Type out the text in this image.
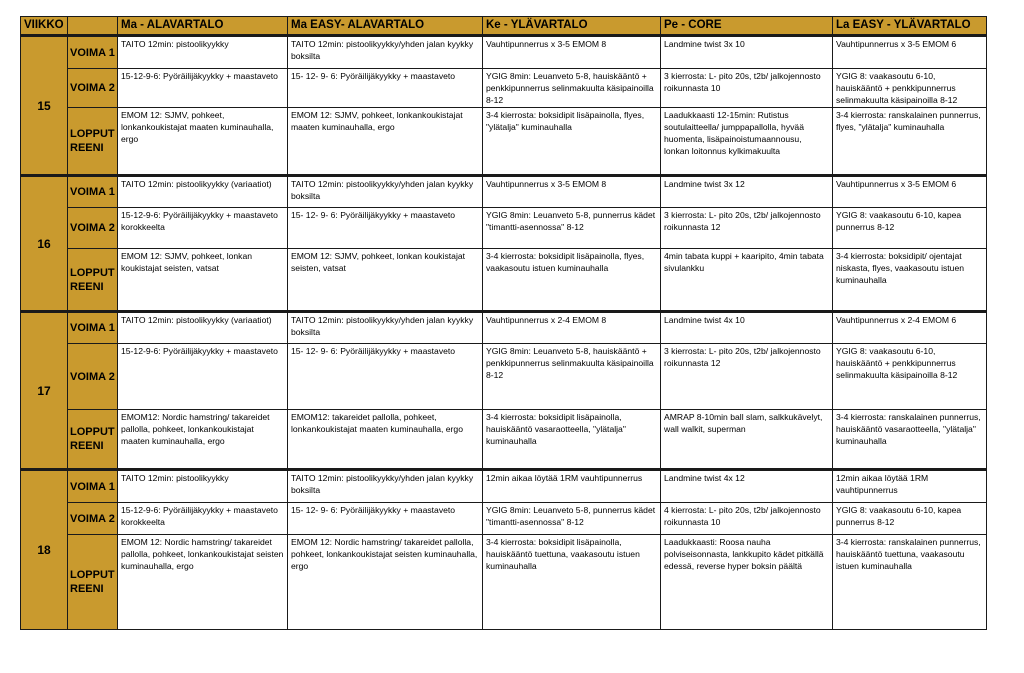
VIIKKO		Ma - ALAVARTALO	Ma EASY- ALAVARTALO	Ke - YLÄVARTALO	Pe - CORE	La EASY - YLÄVARTALO
15	VOIMA 1	TAITO 12min: pistoolikyykky	TAITO 12min: pistoolikyykky/yhden jalan kyykky boksilta	Vauhtipunnerrus x 3-5 EMOM 8	Landmine twist 3x 10	Vauhtipunnerrus x 3-5 EMOM 6
	VOIMA 2	15-12-9-6: Pyöräilijäkyykky + maastaveto	15- 12- 9- 6: Pyöräilijäkyykky + maastaveto	YGIG 8min: Leuanveto 5-8, hauiskääntö + penkkipunnerrus selinmakuulta käsipainoilla 8-12	3 kierrosta: L- pito 20s, t2b/ jalkojennosto roikunnasta 10	YGIG 8: vaakasoutu 6-10, hauiskääntö + penkkipunnerrus selinmakuulta käsipainoilla 8-12
	LOPPUT REENI	EMOM 12: SJMV, pohkeet, lonkankoukistajat maaten kuminauhalla, ergo	EMOM 12: SJMV, pohkeet, lonkankoukistajat maaten kuminauhalla, ergo	3-4 kierrosta: boksidipit lisäpainolla, flyes, "ylätalja" kuminauhalla	Laadukkaasti 12-15min: Rutistus soutulaitteella/ jumppapallolla, hyvää huomenta, lisäpainoistumaannousu, lonkan loitonnus kylkimakuulta	3-4 kierrosta: ranskalainen punnerrus, flyes, "ylätalja" kuminauhalla
16	VOIMA 1	TAITO 12min: pistoolikyykky (variaatiot)	TAITO 12min: pistoolikyykky/yhden jalan kyykky boksilta	Vauhtipunnerrus x 3-5 EMOM 8	Landmine twist 3x 12	Vauhtipunnerrus x 3-5 EMOM 6
	VOIMA 2	15-12-9-6: Pyöräilijäkyykky + maastaveto korokkeelta	15- 12- 9- 6: Pyöräilijäkyykky + maastaveto	YGIG 8min: Leuanveto 5-8, punnerrus kädet "timantti-asennossa" 8-12	3 kierrosta: L- pito 20s, t2b/ jalkojennosto roikunnasta 12	YGIG 8: vaakasoutu 6-10, kapea punnerrus 8-12
	LOPPUT REENI	EMOM 12: SJMV, pohkeet, lonkan koukistajat seisten, vatsat	EMOM 12: SJMV, pohkeet, lonkan koukistajat seisten, vatsat	3-4 kierrosta: boksidipit lisäpainolla, flyes, vaakasoutu istuen kuminauhalla	4min tabata kuppi + kaaripito, 4min tabata sivulankku	3-4 kierrosta: boksidipit/ ojentajat niskasta, flyes, vaakasoutu istuen kuminauhalla
17	VOIMA 1	TAITO 12min: pistoolikyykky (variaatiot)	TAITO 12min: pistoolikyykky/yhden jalan kyykky boksilta	Vauhtipunnerrus x 2-4 EMOM 8	Landmine twist 4x 10	Vauhtipunnerrus x 2-4 EMOM 6
	VOIMA 2	15-12-9-6: Pyöräilijäkyykky + maastaveto	15- 12- 9- 6: Pyöräilijäkyykky + maastaveto	YGIG 8min: Leuanveto 5-8, hauiskääntö + penkkipunnerrus selinmakuulta käsipainoilla 8-12	3 kierrosta: L- pito 20s, t2b/ jalkojennosto roikunnasta 12	YGIG 8: vaakasoutu 6-10, hauiskääntö + penkkipunnerrus selinmakuulta käsipainoilla 8-12
	LOPPUT REENI	EMOM12: Nordic hamstring/ takareidet pallolla, pohkeet, lonkankoukistajat maaten kuminauhalla, ergo	EMOM12: takareidet pallolla, pohkeet, lonkankoukistajat maaten kuminauhalla, ergo	3-4 kierrosta: boksidipit lisäpainolla, hauiskääntö vasaraotteella, "ylätalja" kuminauhalla	AMRAP 8-10min ball slam, salkkukävelyt, wall walkit, superman	3-4 kierrosta: ranskalainen punnerrus, hauiskääntö vasaraotteella, "ylätalja" kuminauhalla
18	VOIMA 1	TAITO 12min: pistoolikyykky	TAITO 12min: pistoolikyykky/yhden jalan kyykky boksilta	12min aikaa löytää 1RM vauhtipunnerrus	Landmine twist 4x 12	12min aikaa löytää 1RM vauhtipunnerrus
	VOIMA 2	15-12-9-6: Pyöräilijäkyykky + maastaveto korokkeelta	15- 12- 9- 6: Pyöräilijäkyykky + maastaveto	YGIG 8min: Leuanveto 5-8, punnerrus kädet "timantti-asennossa" 8-12	4 kierrosta: L- pito 20s, t2b/ jalkojennosto roikunnasta 10	YGIG 8: vaakasoutu 6-10, kapea punnerrus 8-12
	LOPPUT REENI	EMOM 12: Nordic hamstring/ takareidet pallolla, pohkeet, lonkankoukistajat seisten kuminauhalla, ergo	EMOM 12: Nordic hamstring/ takareidet pallolla, pohkeet, lonkankoukistajat seisten kuminauhalla, ergo	3-4 kierrosta: boksidipit lisäpainolla, hauiskääntö tuettuna, vaakasoutu istuen kuminauhalla	Laadukkaasti: Roosa nauha polviseisonnasta, lankkupito kädet pitkällä edessä, reverse hyper boksin päältä	3-4 kierrosta: ranskalainen punnerrus, hauiskääntö tuettuna, vaakasoutu istuen kuminauhalla
